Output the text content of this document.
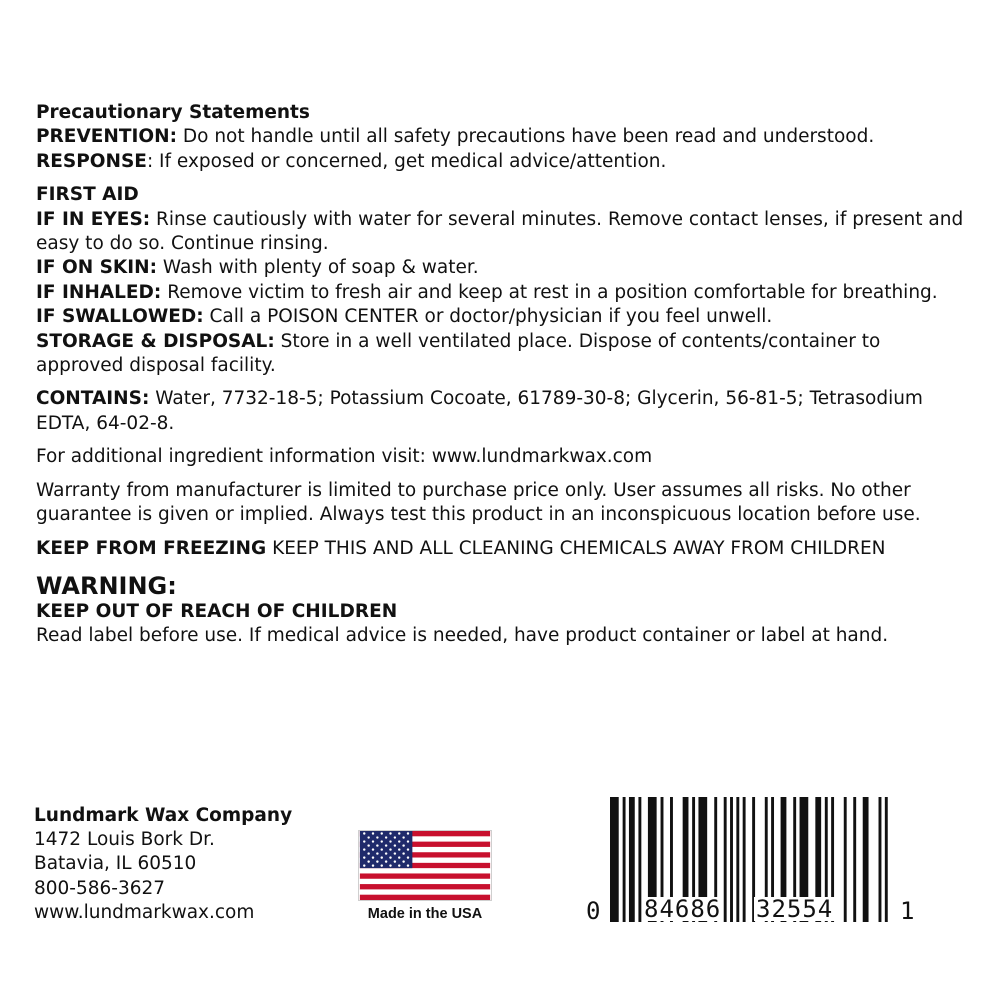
Precautionary Statements

PREVENTION: Do not handle until all safety precautions have been read and understood.

RESPONSE: If exposed or concerned, get medical advice/attention.

FIRST AID

IF IN EYES: Rinse cautiously with water for several minutes. Remove contact lenses, if present and easy to do so. Continue rinsing.

IF ON SKIN: Wash with plenty of soap & water.

IF INHALED: Remove victim to fresh air and keep at rest in a position comfortable for breathing.

IF SWALLOWED: Call a POISON CENTER or doctor/physician if you feel unwell.

STORAGE & DISPOSAL: Store in a well ventilated place. Dispose of contents/container to approved disposal facility.

CONTAINS: Water, 7732-18-5; Potassium Cocoate, 61789-30-8; Glycerin, 56-81-5; Tetrasodium EDTA, 64-02-8.

For additional ingredient information visit: www.lundmarkwax.com

Warranty from manufacturer is limited to purchase price only. User assumes all risks. No other guarantee is given or implied. Always test this product in an inconspicuous location before use.

KEEP FROM FREEZING KEEP THIS AND ALL CLEANING CHEMICALS AWAY FROM CHILDREN

WARNING:

KEEP OUT OF REACH OF CHILDREN

Read label before use. If medical advice is needed, have product container or label at hand.

Lundmark Wax Company

1472 Louis Bork Dr.

Batavia, IL 60510

800-586-3627

www.lundmarkwax.com	Made in the USA	0 84686 32554	1
